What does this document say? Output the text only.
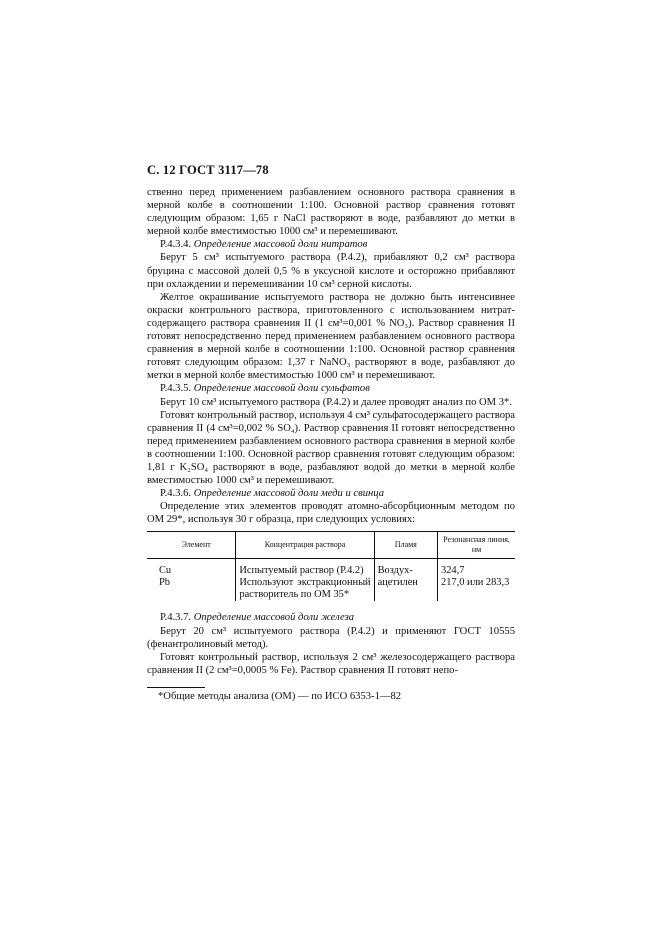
С. 12 ГОСТ 3117—78

ственно перед применением разбавлением основного раствора сравнения в мерной колбе в соотношении 1:100. Основной раствор сравнения готовят следующим образом: 1,65 г NaCl растворяют в воде, разбавляют до метки в мерной колбе вместимостью 1000 см³ и перемешивают.

Р.4.3.4. Определение массовой доли нитратов

Берут 5 см³ испытуемого раствора (Р.4.2), прибавляют 0,2 см³ раствора бруцина с массовой долей 0,5 % в уксусной кислоте и осторожно прибавляют при охлаждении и перемешивании 10 см³ серной кислоты.

Желтое окрашивание испытуемого раствора не должно быть интенсивнее окраски контрольного раствора, приготовленного с использованием нитрат-содержащего раствора сравнения II (1 см³=0,001 % NO₃). Раствор сравнения II готовят непосредственно перед применением разбавлением основного раствора сравнения в мерной колбе в соотношении 1:100. Основной раствор сравнения готовят следующим образом: 1,37 г NaNO₃ растворяют в воде, разбавляют до метки в мерной колбе вместимостью 1000 см³ и перемешивают.

Р.4.3.5. Определение массовой доли сульфатов

Берут 10 см³ испытуемого раствора (Р.4.2) и далее проводят анализ по ОМ 3*.

Готовят контрольный раствор, используя 4 см³ сульфатосодержащего раствора сравнения II (4 см³=0,002 % SO₄). Раствор сравнения II готовят непосредственно перед применением разбавлением основного раствора сравнения в мерной колбе в соотношении 1:100. Основной раствор сравнения готовят следующим образом: 1,81 г K₂SO₄ растворяют в воде, разбавляют водой до метки в мерной колбе вместимостью 1000 см³ и перемешивают.

Р.4.3.6. Определение массовой доли меди и свинца

Определение этих элементов проводят атомно-абсорбционным методом по ОМ 29*, используя 30 г образца, при следующих условиях:

Элемент	Концентрация раствора	Пламя	Резонансная линия, нм
Cu	Испытуемый раствор (Р.4.2)	Воздух-ацетилен	324,7
Pb	Используют экстракционный растворитель по ОМ 35*		217,0 или 283,3

Р.4.3.7. Определение массовой доли железа

Берут 20 см³ испытуемого раствора (Р.4.2) и применяют ГОСТ 10555 (фенантролиновый метод).

Готовят контрольный раствор, используя 2 см³ железосодержащего раствора сравнения II (2 см³=0,0005 % Fe). Раствор сравнения II готовят непо-

*Общие методы анализа (ОМ) — по ИСО 6353-1—82
